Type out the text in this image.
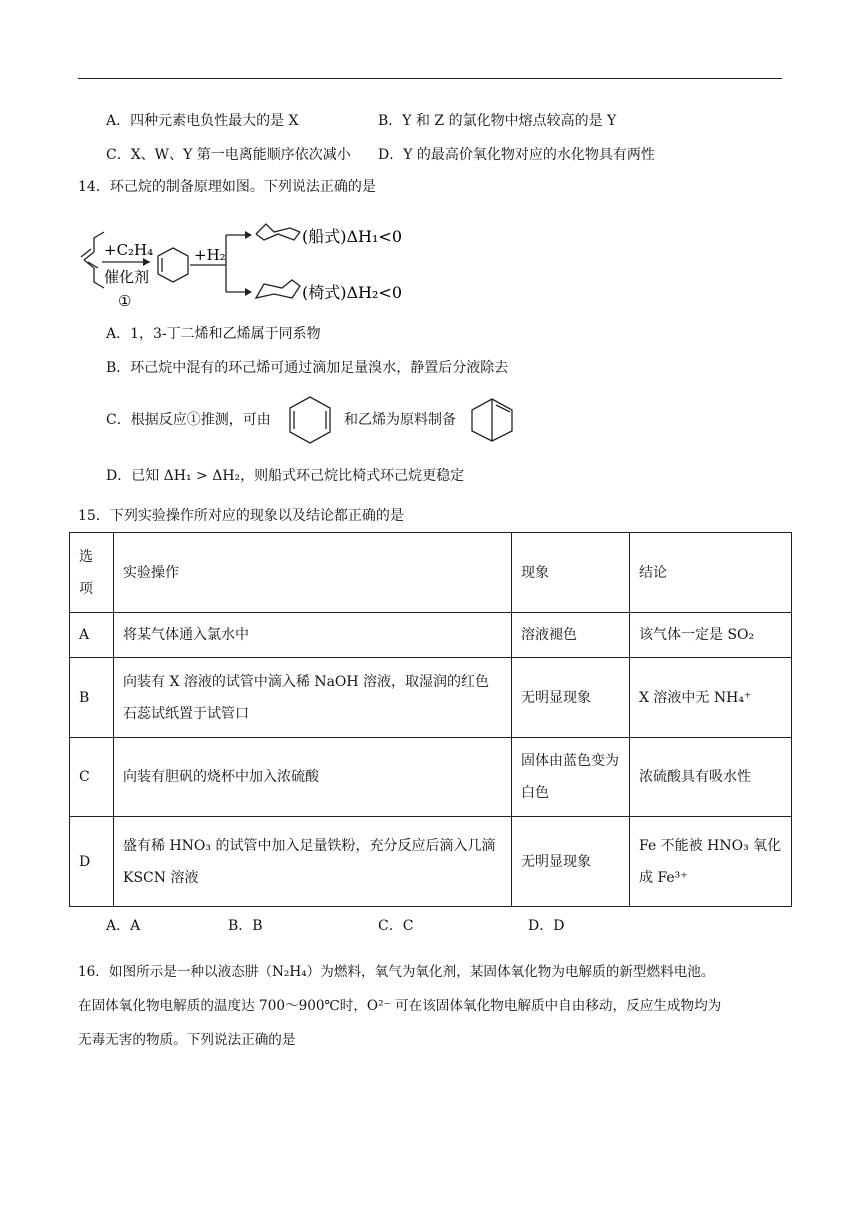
A．四种元素电负性最大的是 X	B．Y 和 Z 的氯化物中熔点较高的是 Y
C．X、W、Y 第一电离能顺序依次减小 D．Y 的最高价氧化物对应的水化物具有两性
14．环己烷的制备原理如图。下列说法正确的是
+C₂H₄
催化剂
①
+H₂
(船式)ΔH₁<0
(椅式)ΔH₂<0
A．1，3-丁二烯和乙烯属于同系物
B．环己烷中混有的环己烯可通过滴加足量溴水，静置后分液除去
C．根据反应①推测，可由	和乙烯为原料制备
D．已知 ΔH₁ > ΔH₂，则船式环己烷比椅式环己烷更稳定
15．下列实验操作所对应的现象以及结论都正确的是
选项	实验操作	现象	结论
A	将某气体通入氯水中	溶液褪色	该气体一定是 SO₂
B	向装有 X 溶液的试管中滴入稀 NaOH 溶液，取湿润的红色石蕊试纸置于试管口	无明显现象	X 溶液中无 NH₄⁺
C	向装有胆矾的烧杯中加入浓硫酸	固体由蓝色变为白色	浓硫酸具有吸水性
D	盛有稀 HNO₃ 的试管中加入足量铁粉，充分反应后滴入几滴 KSCN 溶液	无明显现象	Fe 不能被 HNO₃ 氧化成 Fe³⁺
A．A	B．B	C．C	D．D
16．如图所示是一种以液态肼（N₂H₄）为燃料，氧气为氧化剂，某固体氧化物为电解质的新型燃料电池。
在固体氧化物电解质的温度达 700～900℃时，O²⁻ 可在该固体氧化物电解质中自由移动，反应生成物均为
无毒无害的物质。下列说法正确的是
